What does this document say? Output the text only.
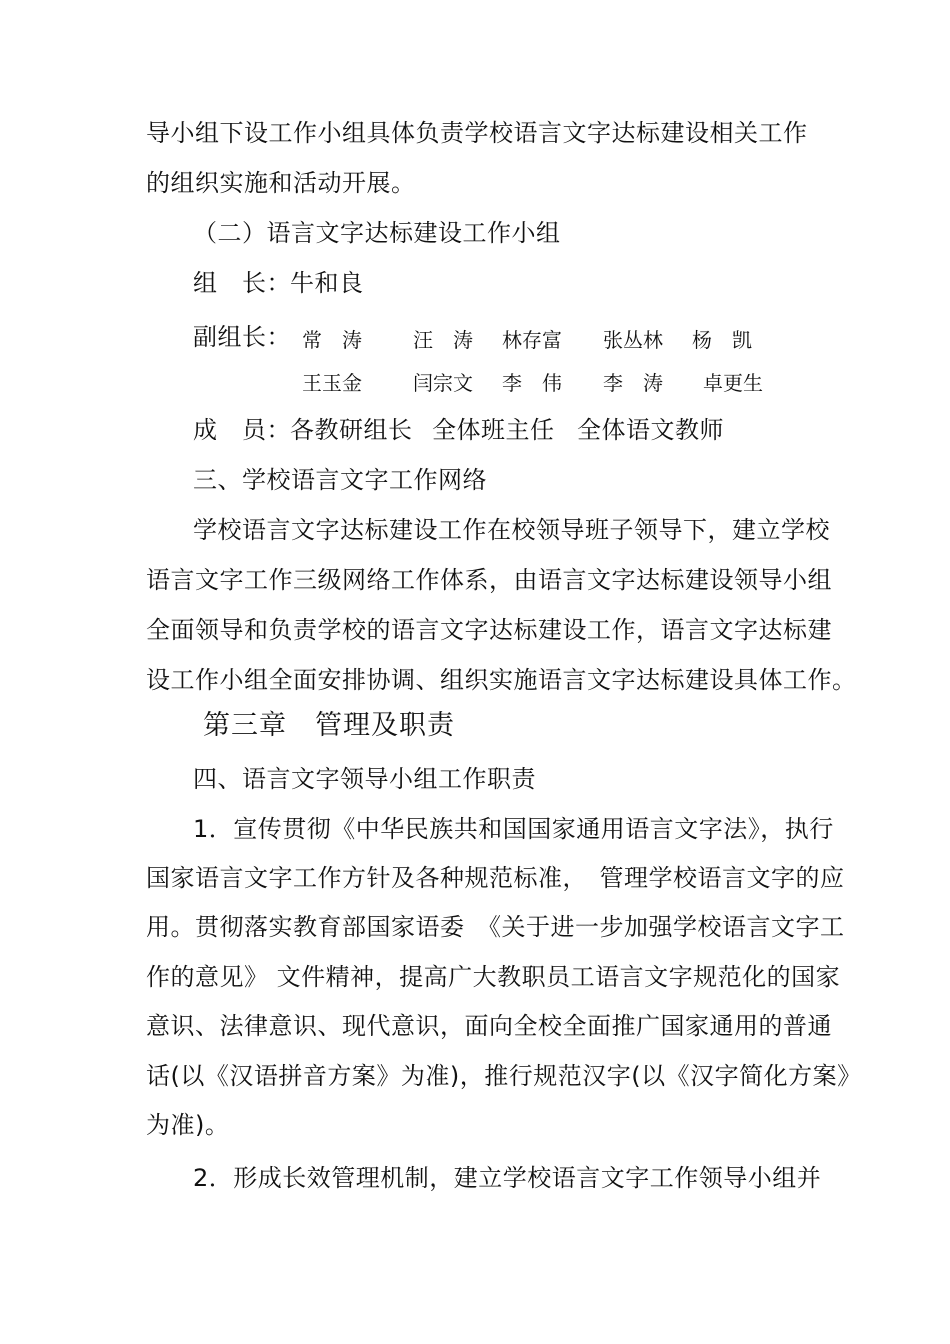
导小组下设工作小组具体负责学校语言文字达标建设相关工作
的组织实施和活动开展。
（二）语言文字达标建设工作小组
组　长： 牛和良
副组长： 常　涛	汪　涛 林存富 张丛林 杨　凯
王玉金	闫宗文 李　伟 李　涛 卓更生
成　员： 各教研组长 全体班主任 全体语文教师
三、学校语言文字工作网络
学校语言文字达标建设工作在校领导班子领导下，建立学校
语言文字工作三级网络工作体系，由语言文字达标建设领导小组
全面领导和负责学校的语言文字达标建设工作，语言文字达标建
设工作小组全面安排协调、组织实施语言文字达标建设具体工作。
第三章　管理及职责
四、语言文字领导小组工作职责
1．宣传贯彻《中华民族共和国国家通用语言文字法》，执行
国家语言文字工作方针及各种规范标准，　管理学校语言文字的应
用。贯彻落实教育部国家语委　《关于进一步加强学校语言文字工
作的意见》 文件精神，提高广大教职员工语言文字规范化的国家
意识、法律意识、现代意识，面向全校全面推广国家通用的普通
话(以《汉语拼音方案》为准)，推行规范汉字(以《汉字简化方案》
为准)。
2．形成长效管理机制，建立学校语言文字工作领导小组并
